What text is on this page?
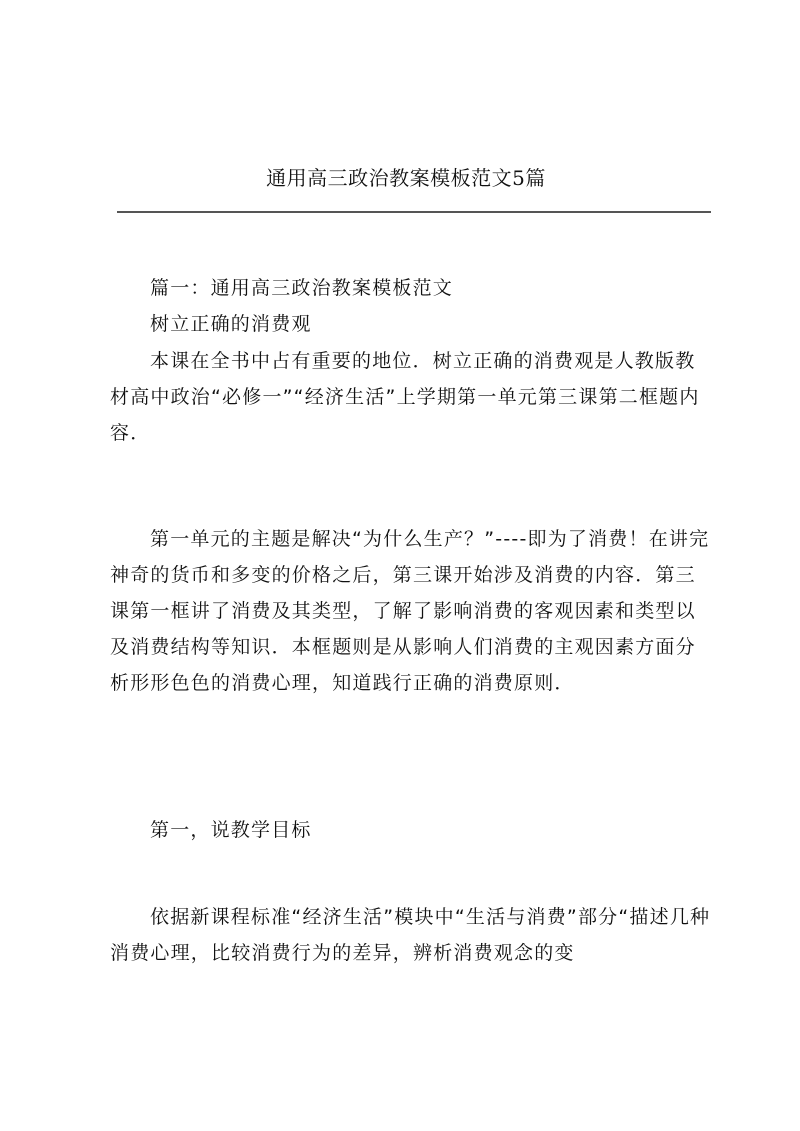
通用高三政治教案模板范文5篇
篇一：通用高三政治教案模板范文
树立正确的消费观
本课在全书中占有重要的地位．树立正确的消费观是人教版教材高中政治“必修一”“经济生活”上学期第一单元第三课第二框题内容．
第一单元的主题是解决“为什么生产？”----即为了消费！在讲完神奇的货币和多变的价格之后，第三课开始涉及消费的内容．第三课第一框讲了消费及其类型，了解了影响消费的客观因素和类型以及消费结构等知识．本框题则是从影响人们消费的主观因素方面分析形形色色的消费心理，知道践行正确的消费原则．
第一，说教学目标
依据新课程标准“经济生活”模块中“生活与消费”部分“描述几种消费心理，比较消费行为的差异，辨析消费观念的变
